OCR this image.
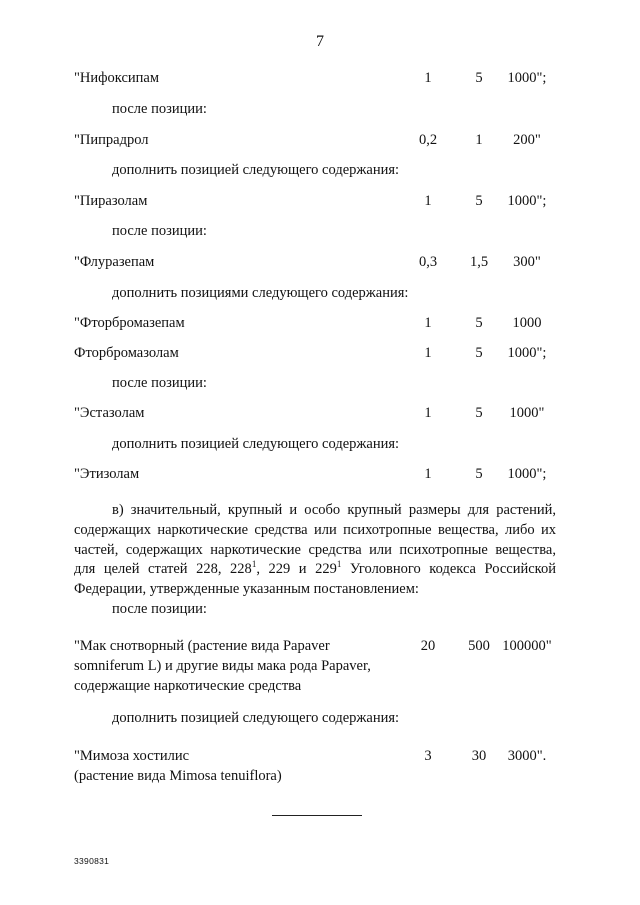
7
"Нифоксипам	1	5	1000";
после позиции:
"Пипрадрол	0,2	1	200"
дополнить позицией следующего содержания:
"Пиразолам	1	5	1000";
после позиции:
"Флуразепам	0,3	1,5	300"
дополнить позициями следующего содержания:
"Фторбромазепам	1	5	1000
Фторбромазолам	1	5	1000";
после позиции:
"Эстазолам	1	5	1000"
дополнить позицией следующего содержания:
"Этизолам	1	5	1000";
в) значительный, крупный и особо крупный размеры для растений,
содержащих наркотические средства или психотропные вещества, либо их
частей, содержащих наркотические средства или психотропные вещества,
для целей статей 228, $228^1$, 229 и $229^1$ Уголовного кодекса Российской
Федерации, утвержденные указанным постановлением:
после позиции:
"Мак снотворный (растение вида Papaver
somniferum L) и другие виды мака рода Papaver,
содержащие наркотические средства
20	500 100000"
дополнить позицией следующего содержания:
"Мимоза хостилис
(растение вида Mimosa tenuiflora)
3	30	3000".
3390831
